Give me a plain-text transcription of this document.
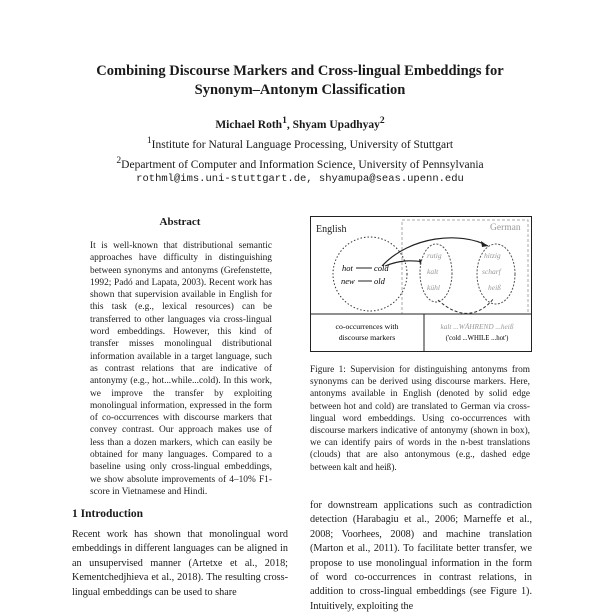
Combining Discourse Markers and Cross-lingual Embeddings for
Synonym–Antonym Classification
Michael Roth$^1$, Shyam Upadhyay$^2$
$^1$Institute for Natural Language Processing, University of Stuttgart
$^2$Department of Computer and Information Science, University of Pennsylvania
rothml@ims.uni-stuttgart.de, shyamupa@seas.upenn.edu
Abstract
It is well-known that distributional semantic approaches have difficulty in distinguishing between synonyms and antonyms (Grefenstette, 1992; Padó and Lapata, 2003). Recent work has shown that supervision available in English for this task (e.g., lexical resources) can be transferred to other languages via cross-lingual word embeddings. However, this kind of transfer misses monolingual distributional information available in a target language, such as contrast relations that are indicative of antonymy (e.g., hot...while...cold). In this work, we improve the transfer by exploiting monolingual information, expressed in the form of co-occurrences with discourse markers that convey contrast. Our approach makes use of less than a dozen markers, which can easily be obtained for many languages. Compared to a baseline using only cross-lingual embeddings, we show absolute improvements of 4–10% F1-score in Vietnamese and Hindi.
1 Introduction
Recent work has shown that monolingual word embeddings in different languages can be aligned in an unsupervised manner (Artetxe et al., 2018; Kementchedjhieva et al., 2018). The resulting cross-lingual embeddings can be used to share
English	German
hot cold
new old
rutig
kalt
kühl
hitzig
scharf
heiß
co-occurrences with
discourse markers
kalt ...WÄHREND ...heiß
('cold ...WHILE ...hot')
Figure 1: Supervision for distinguishing antonyms from synonyms can be derived using discourse markers. Here, antonyms available in English (denoted by solid edge between hot and cold) are translated to German via cross-lingual word embeddings. Using co-occurrences with discourse markers indicative of antonymy (shown in box), we can identify pairs of words in the n-best translations (clouds) that are also antonymous (e.g., dashed edge between kalt and heiß).
for downstream applications such as contradiction detection (Harabagiu et al., 2006; Marneffe et al., 2008; Voorhees, 2008) and machine translation (Marton et al., 2011). To facilitate better transfer, we propose to use monolingual information in the form of word co-occurrences in contrast relations, in addition to cross-lingual embeddings (see Figure 1). Intuitively, exploiting the
